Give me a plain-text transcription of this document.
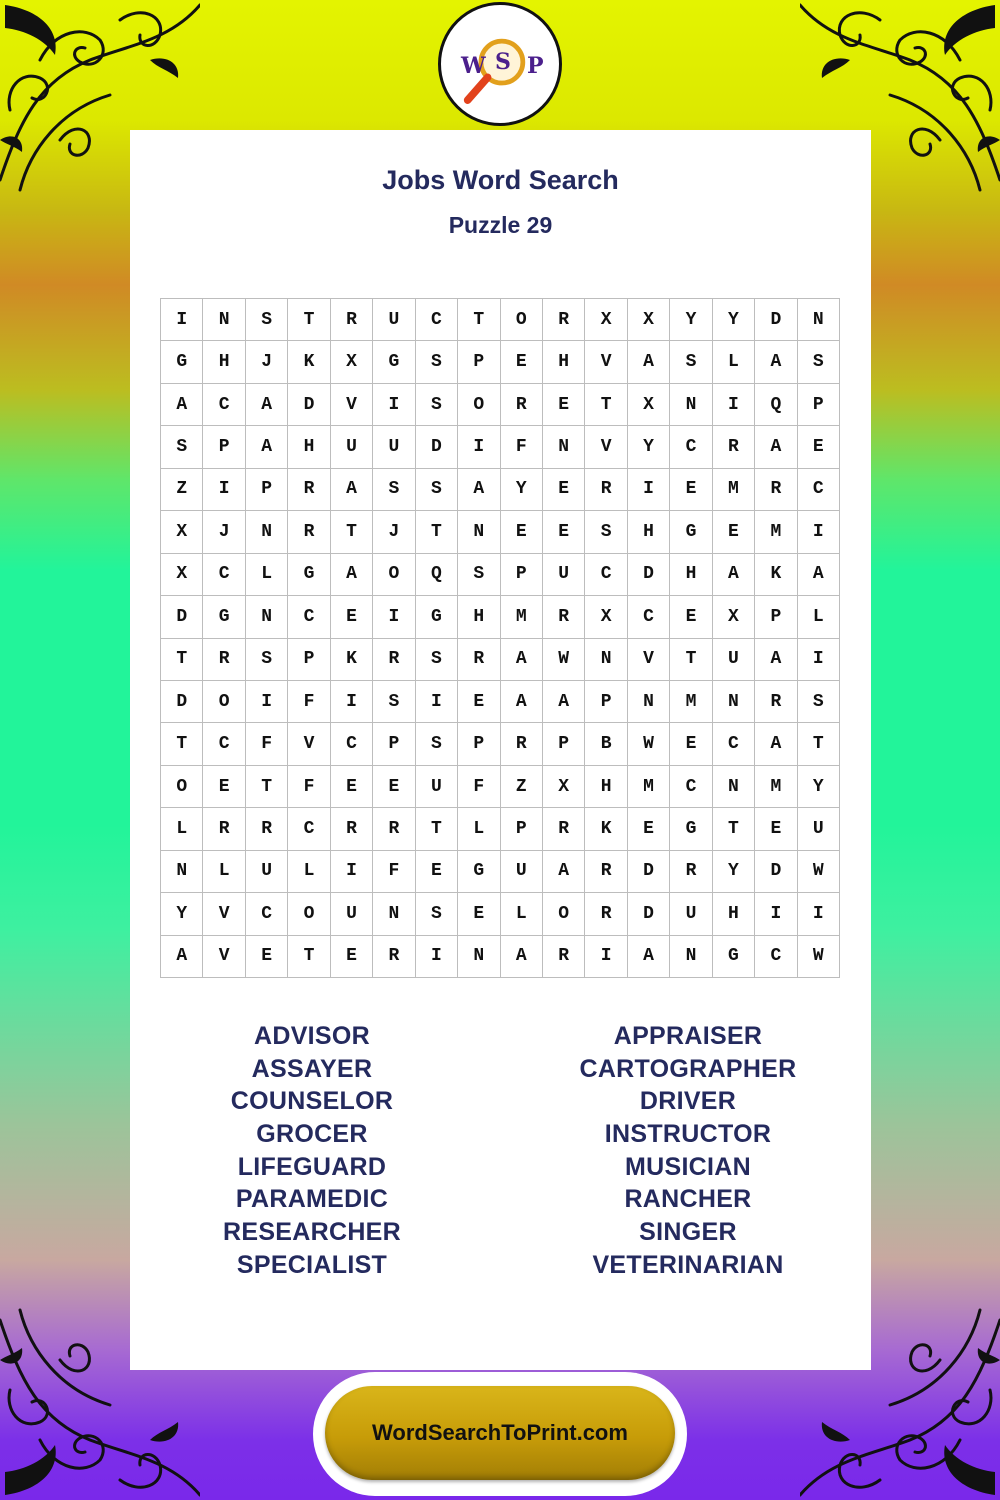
W S P
Jobs Word Search
Puzzle 29
I	N	S	T	R	U	C	T	O	R	X	X	Y	Y	D	N
G	H	J	K	X	G	S	P	E	H	V	A	S	L	A	S
A	C	A	D	V	I	S	O	R	E	T	X	N	I	Q	P
S	P	A	H	U	U	D	I	F	N	V	Y	C	R	A	E
Z	I	P	R	A	S	S	A	Y	E	R	I	E	M	R	C
X	J	N	R	T	J	T	N	E	E	S	H	G	E	M	I
X	C	L	G	A	O	Q	S	P	U	C	D	H	A	K	A
D	G	N	C	E	I	G	H	M	R	X	C	E	X	P	L
T	R	S	P	K	R	S	R	A	W	N	V	T	U	A	I
D	O	I	F	I	S	I	E	A	A	P	N	M	N	R	S
T	C	F	V	C	P	S	P	R	P	B	W	E	C	A	T
O	E	T	F	E	E	U	F	Z	X	H	M	C	N	M	Y
L	R	R	C	R	R	T	L	P	R	K	E	G	T	E	U
N	L	U	L	I	F	E	G	U	A	R	D	R	Y	D	W
Y	V	C	O	U	N	S	E	L	O	R	D	U	H	I	I
A	V	E	T	E	R	I	N	A	R	I	A	N	G	C	W
ADVISOR
ASSAYER
COUNSELOR
GROCER
LIFEGUARD
PARAMEDIC
RESEARCHER
SPECIALIST
APPRAISER
CARTOGRAPHER
DRIVER
INSTRUCTOR
MUSICIAN
RANCHER
SINGER
VETERINARIAN
WordSearchToPrint.com
